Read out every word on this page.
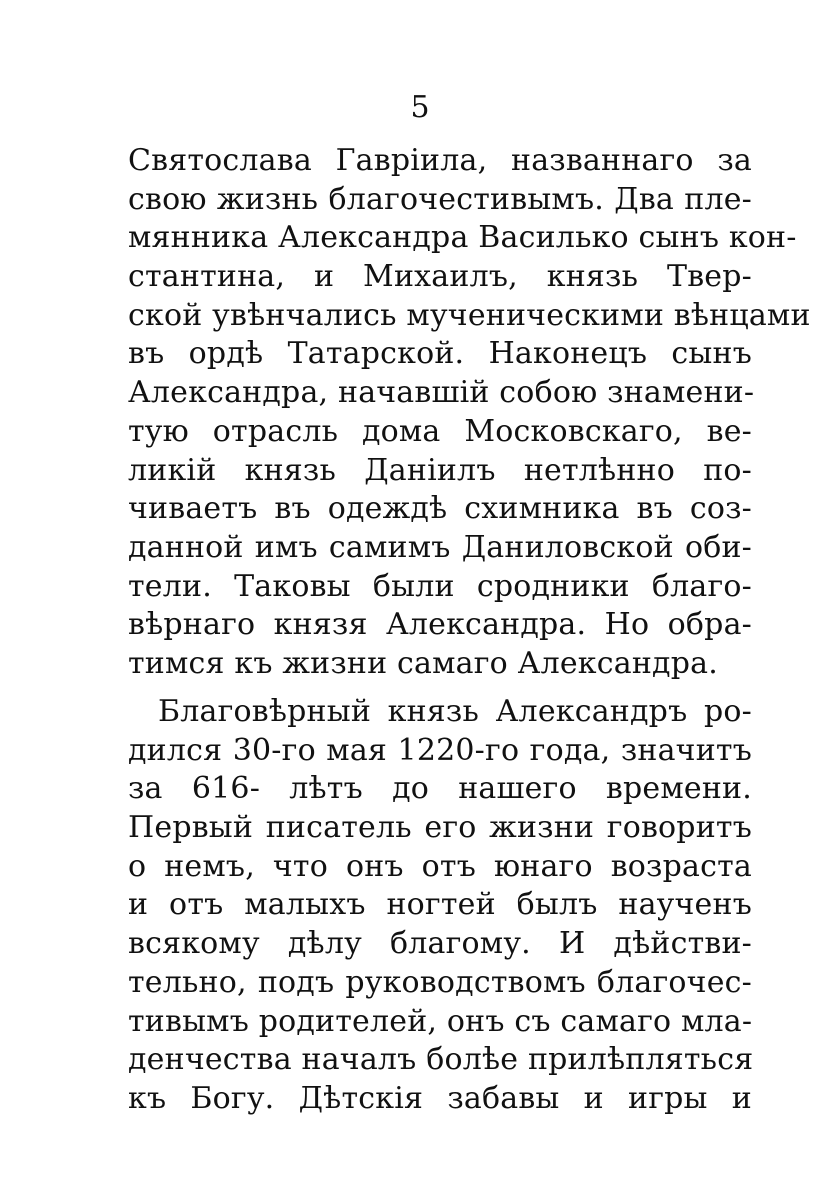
5
Святослава Гаврiила, названнаго за
свою жизнь благочестивымъ. Два пле-
мянника Александра Василько сынъ кон-
стантина, и Михаилъ, князь Твер-
ской увѣнчались мученическими вѣнцами
въ ордѣ Татарской. Наконецъ сынъ
Александра, начавшiй собою знамени-
тую отрасль дома Московскаго, ве-
ликiй князь Данiилъ нетлѣнно по-
чиваетъ въ одеждѣ схимника въ соз-
данной имъ самимъ Даниловской оби-
тели. Таковы были сродники благо-
вѣрнаго князя Александра. Но обра-
тимся къ жизни самаго Александра.
Благовѣрный князь Александръ ро-
дился 30-го мая 1220-го года, значитъ
за 616- лѣтъ до нашего времени.
Первый писатель его жизни говоритъ
о немъ, что онъ отъ юнаго возраста
и отъ малыхъ ногтей былъ наученъ
всякому дѣлу благому. И дѣйстви-
тельно, подъ руководствомъ благочес-
тивымъ родителей, онъ съ самаго мла-
денчества началъ болѣе прилѣпляться
къ Богу. Дѣтскiя забавы и игры и
